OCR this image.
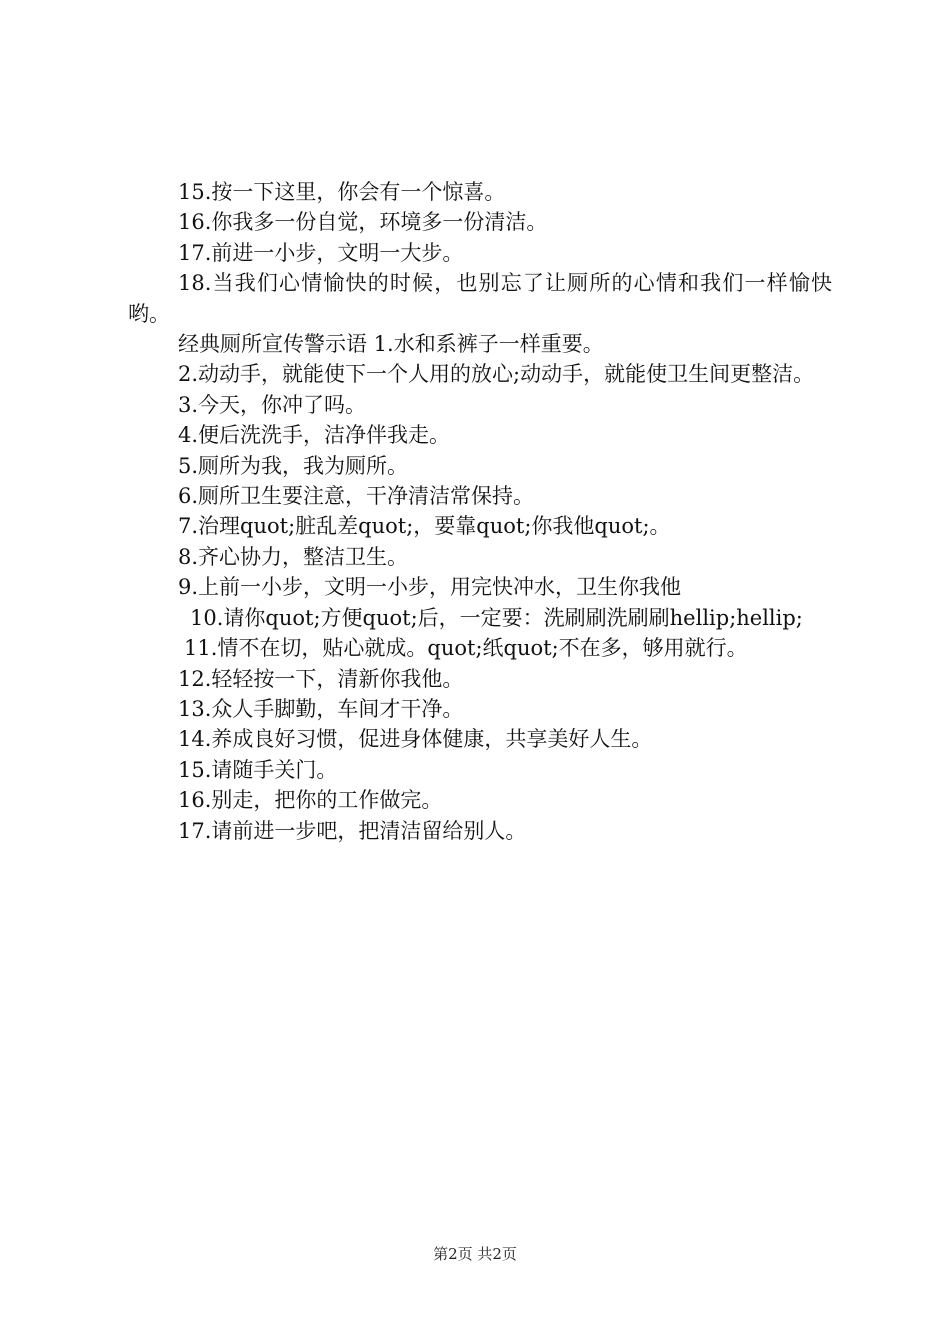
15.按一下这里，你会有一个惊喜。

16.你我多一份自觉，环境多一份清洁。

17.前进一小步，文明一大步。

18.当我们心情愉快的时候，也别忘了让厕所的心情和我们一样愉快哟。

经典厕所宣传警示语 1.水和系裤子一样重要。

2.动动手，就能使下一个人用的放心;动动手，就能使卫生间更整洁。

3.今天，你冲了吗。

4.便后洗洗手，洁净伴我走。

5.厕所为我，我为厕所。

6.厕所卫生要注意，干净清洁常保持。

7.治理quot;脏乱差quot;，要靠quot;你我他quot;。

8.齐心协力，整洁卫生。

9.上前一小步，文明一小步，用完快冲水，卫生你我他

10.请你quot;方便quot;后，一定要：洗刷刷洗刷刷hellip;hellip;

11.情不在切，贴心就成。quot;纸quot;不在多，够用就行。

12.轻轻按一下，清新你我他。

13.众人手脚勤，车间才干净。

14.养成良好习惯，促进身体健康，共享美好人生。

15.请随手关门。

16.别走，把你的工作做完。

17.请前进一步吧，把清洁留给别人。

第2页 共2页
